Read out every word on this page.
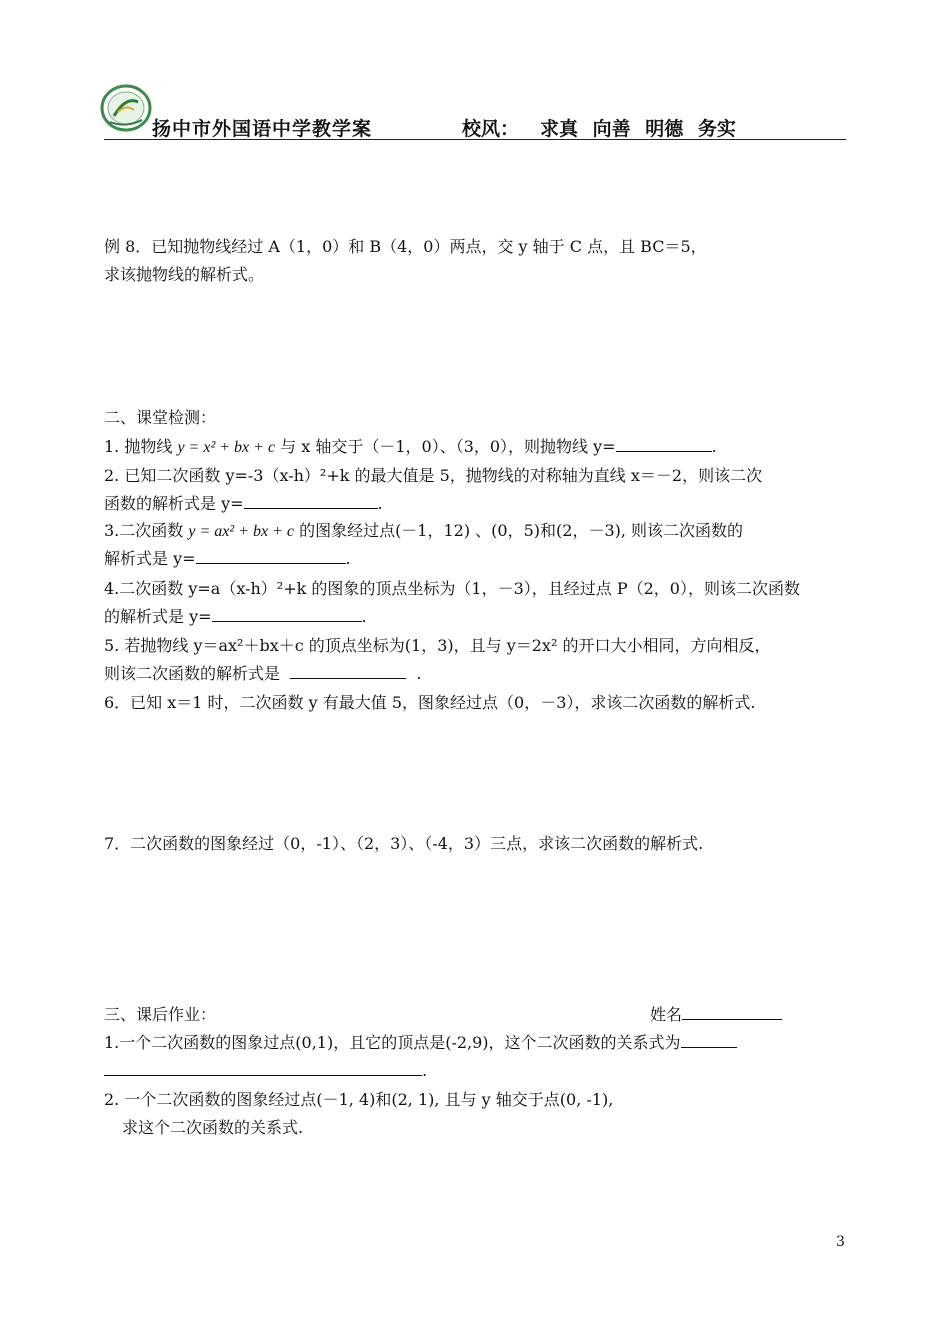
扬中市外国语中学教学案	校风： 求真 向善 明德 务实
例 8．已知抛物线经过 A（1，0）和 B（4，0）两点，交 y 轴于 C 点，且 BC＝5，
求该抛物线的解析式。
二、课堂检测：
1. 抛物线 y = x² + bx + c 与 x 轴交于（－1，0）、（3，0），则抛物线 y=	.
2. 已知二次函数 y=-3（x-h）²+k 的最大值是 5，抛物线的对称轴为直线 x＝－2，则该二次
函数的解析式是 y=	.
3.二次函数 y = ax² + bx + c 的图象经过点(－1，12) 、(0，5)和(2，－3), 则该二次函数的
解析式是 y=	.
4.二次函数 y=a（x-h）²+k 的图象的顶点坐标为（1，－3），且经过点 P（2，0），则该二次函数
的解析式是 y=	.
5. 若抛物线 y＝ax²＋bx＋c 的顶点坐标为(1，3)，且与 y＝2x² 的开口大小相同，方向相反，
则该二次函数的解析式是	.
6．已知 x＝1 时，二次函数 y 有最大值 5，图象经过点（0，－3），求该二次函数的解析式.
7．二次函数的图象经过（0，-1）、（2，3）、（-4，3）三点，求该二次函数的解析式.
三、课后作业：	姓名
1.一个二次函数的图象过点(0,1)，且它的顶点是(-2,9)，这个二次函数的关系式为
.
2. 一个二次函数的图象经过点(－1, 4)和(2, 1), 且与 y 轴交于点(0, -1),
求这个二次函数的关系式.
3
